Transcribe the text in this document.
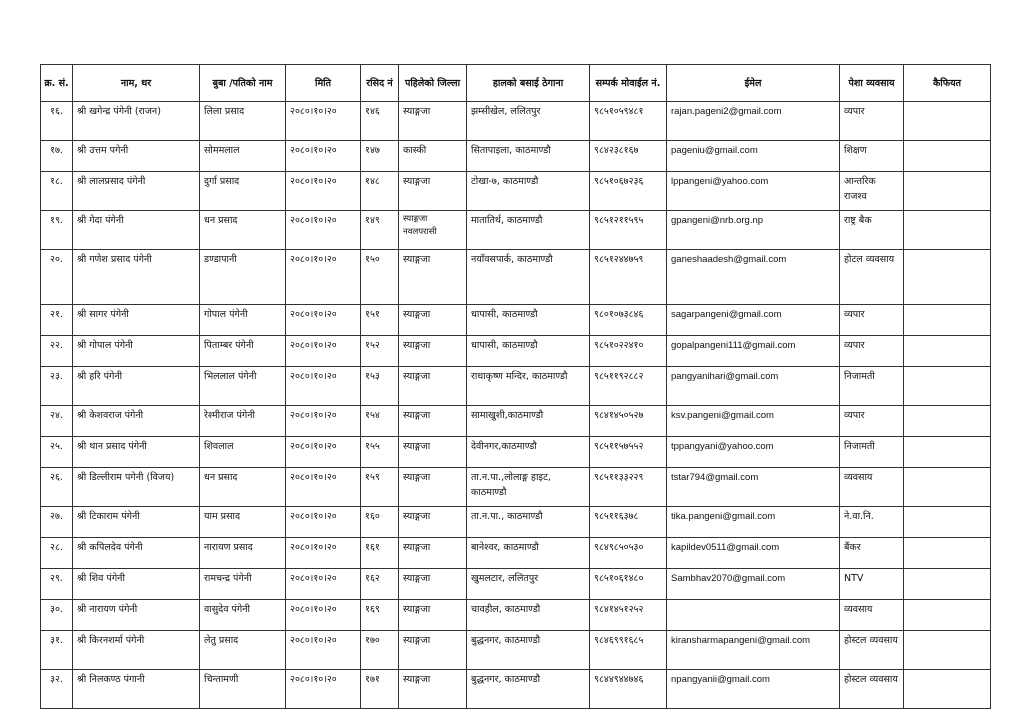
क्र. सं.	नाम, थर	बुबा /पतिको नाम	मिति	रसिद नं	पहिलेको जिल्ला	हालको बसाई ठेगाना	सम्पर्क मोवाईल नं.	ईमेल	पेशा व्यवसाय	कैफियत
१६.	श्री खगेन्द्र पंगेनी (राजन)	लिला प्रसाद	२०८०।१०।२०	१४६	स्याङ्गजा	झम्सीखेल, ललितपुर	९८५१०५९४८१	rajan.pageni2@gmail.com	व्यपार	
१७.	श्री उत्तम पगेनी	सोममलाल	२०८०।१०।२०	१४७	कास्की	सितापाइला, काठमाण्डौ	९८४२३८१६७	pageniu@gmail.com	शिक्षण	
१८.	श्री लालप्रसाद पंगेनी	दुर्गा प्रसाद	२०८०।१०।२०	१४८	स्याङ्गजा	टोखा-७, काठमाण्डौ	९८५१०६७२३६	lppangeni@yahoo.com	आन्तरिक राजश्व	
१९.	श्री गेदा पंगेनी	धन प्रसाद	२०८०।१०।२०	१४९	स्याङ्गजा नवलपरासी	मातातिर्थ, काठमाण्डौ	९८५१२११५९५	gpangeni@nrb.org.np	राष्ट्र बैक	
२०.	श्री गणेश प्रसाद पंगेनी	डण्डापानी	२०८०।१०।२०	१५०	स्याङ्गजा	नयाँवसपार्क, काठमाण्डौ	९८५१२४४७५९	ganeshaadesh@gmail.com	होटल व्यवसाय	
२१.	श्री सागर पंगेनी	गोपाल पंगेनी	२०८०।१०।२०	१५१	स्याङ्गजा	धापासी, काठमाण्डौ	९८०१०७३८४६	sagarpangeni@gmail.com	व्यपार	
२२.	श्री गोपाल पंगेनी	पिताम्बर पंगेनी	२०८०।१०।२०	१५२	स्याङ्गजा	धापासी, काठमाण्डौ	९८५१०२२४१०	gopalpangeni111@gmail.com	व्यपार	
२३.	श्री हरि पंगेनी	भिललाल पंगेनी	२०८०।१०।२०	१५३	स्याङ्गजा	राधाकृष्ण मन्दिर, काठमाण्डौ	९८५११९२८८२	pangyanihari@gmail.com	निजामती	
२४.	श्री केशवराज पंगेनी	रेश्मीराज पंगेनी	२०८०।१०।२०	१५४	स्याङ्गजा	सामाखुशी,काठमाण्डौ	९८४१४५०५२७	ksv.pangeni@gmail.com	व्यपार	
२५.	श्री थान प्रसाद पंगेनी	शिवलाल	२०८०।१०।२०	१५५	स्याङ्गजा	देवीनगर,काठमाण्डौ	९८५११५७५५२	tppangyani@yahoo.com	निजामती	
२६.	श्री डिल्लीराम पगेनी (विजय)	धन प्रसाद	२०८०।१०।२०	१५९	स्याङ्गजा	ता.न.पा.,लोलाङ्ग हाइट, काठमाण्डौ	९८५११३३२२९	tstar794@gmail.com	व्यवसाय	
२७.	श्री टिकाराम पंगेनी	याम प्रसाद	२०८०।१०।२०	१६०	स्याङ्गजा	ता.न.पा., काठमाण्डौ	९८५११६३७८	tika.pangeni@gmail.com	ने.वा.नि.	
२८.	श्री कपिलदेव पंगेनी	नारायण प्रसाद	२०८०।१०।२०	१६१	स्याङ्गजा	बानेश्वर, काठमाण्डौ	९८४९८५०५३०	kapildev0511@gmail.com	बैंकर	
२९.	श्री शिव पंगेनी	रामचन्द्र पंगेनी	२०८०।१०।२०	१६२	स्याङ्गजा	खुमलटार, ललितपुर	९८५१०६१४८०	Sambhav2070@gmail.com	NTV	
३०.	श्री नारायण पंगेनी	वासुदेव पंगेनी	२०८०।१०।२०	१६९	स्याङ्गजा	चावहील, काठमाण्डौ	९८४१४५१२५२		व्यवसाय	
३१.	श्री किरनशर्मा पंगेनी	लेतु प्रसाद	२०८०।१०।२०	१७०	स्याङ्गजा	बुद्धनगर, काठमाण्डौ	९८४६९९१६८५	kiransharmapangeni@gmail.com	होस्टल व्यवसाय	
३२.	श्री निलकण्ठ पंगानी	चिन्तामणी	२०८०।१०।२०	१७१	स्याङ्गजा	बुद्धनगर, काठमाण्डौ	९८४४९४४७४६	npangyanii@gmail.com	होस्टल व्यवसाय	
